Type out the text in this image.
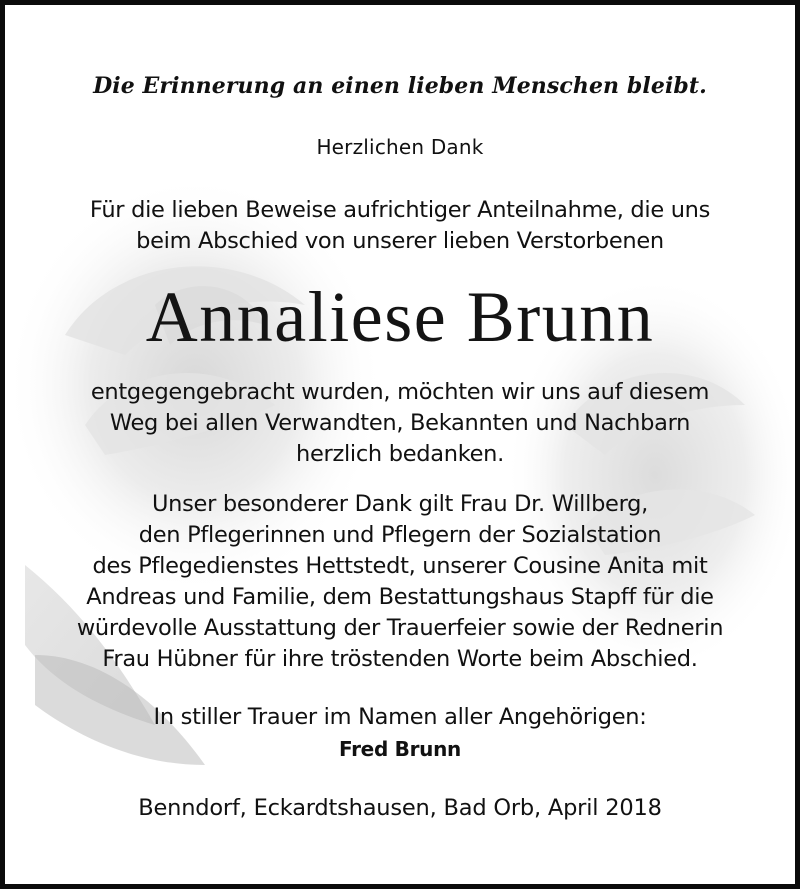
Die Erinnerung an einen lieben Menschen bleibt.
Herzlichen Dank
Für die lieben Beweise aufrichtiger Anteilnahme, die uns
beim Abschied von unserer lieben Verstorbenen
Annaliese Brunn
entgegengebracht wurden, möchten wir uns auf diesem
Weg bei allen Verwandten, Bekannten und Nachbarn
herzlich bedanken.
Unser besonderer Dank gilt Frau Dr. Willberg,
den Pflegerinnen und Pflegern der Sozialstation
des Pflegedienstes Hettstedt, unserer Cousine Anita mit
Andreas und Familie, dem Bestattungshaus Stapff für die
würdevolle Ausstattung der Trauerfeier sowie der Rednerin
Frau Hübner für ihre tröstenden Worte beim Abschied.
In stiller Trauer im Namen aller Angehörigen:
Fred Brunn
Benndorf, Eckardtshausen, Bad Orb, April 2018
